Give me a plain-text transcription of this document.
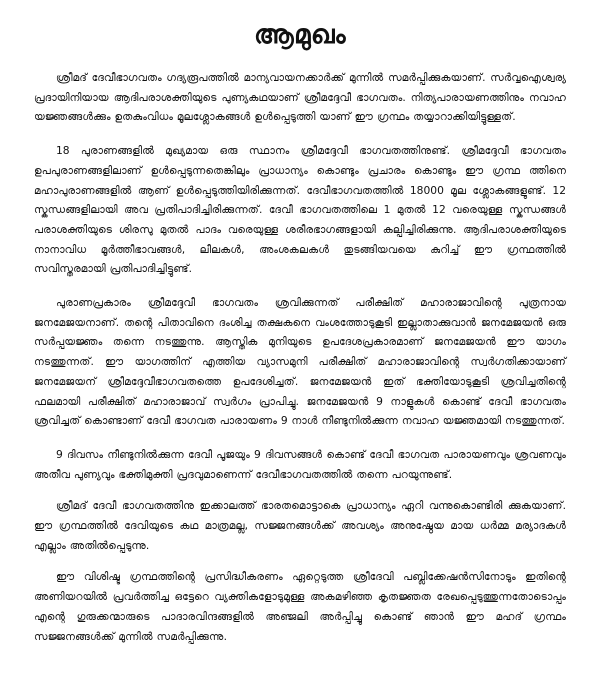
ആമുഖം

ശ്രീമദ് ദേവീഭാഗവതം ഗദ്യരൂപത്തിൽ മാന്യവായനക്കാർക്ക് മുന്നിൽ സമർപ്പിക്കുകയാണ്. സർവ്വഐശ്വര്യ പ്രദായിനിയായ ആദിപരാശക്തിയുടെ പുണ്യകഥയാണ് ശ്രീമദ്ദേവീ ഭാഗവതം. നിത്യപാരായണത്തിനും നവാഹ യജ്ഞങ്ങൾക്കും ഉതകുംവിധം മൂലശ്ലോകങ്ങൾ ഉൾപ്പെടുത്തി യാണ് ഈ ഗ്രന്ഥം തയ്യാറാക്കിയിട്ടുള്ളത്.

18 പുരാണങ്ങളിൽ മുഖ്യമായ ഒരു സ്ഥാനം ശ്രീമദ്ദേവീ ഭാഗവതത്തിനുണ്ട്. ശ്രീമദ്ദേവീ ഭാഗവതം ഉപപുരാണങ്ങളിലാണ് ഉൾപ്പെടുന്നതെങ്കിലും പ്രാധാന്യം കൊണ്ടും പ്രചാരം കൊണ്ടും ഈ ഗ്രന്ഥ ത്തിനെ മഹാപുരാണങ്ങളിൽ ആണ് ഉൾപ്പെടുത്തിയിരിക്കുന്നത്. ദേവീഭാഗവതത്തിൽ 18000 മൂല ശ്ലോകങ്ങളുണ്ട്. 12 സ്കന്ധങ്ങളിലായി അവ പ്രതിപാദിച്ചിരിക്കുന്നത്. ദേവീ ഭാഗവതത്തിലെ 1 മുതൽ 12 വരെയുള്ള സ്കന്ധങ്ങൾ പരാശക്തിയുടെ ശിരസു മുതൽ പാദം വരെയുള്ള ശരീരഭാഗങ്ങളായി കല്പിച്ചിരിക്കുന്നു. ആദിപരാശക്തിയുടെ നാനാവിധ മൂർത്തീഭാവങ്ങൾ, ലീലകൾ, അംശകലകൾ തുടങ്ങിയവയെ കുറിച്ച് ഈ ഗ്രന്ഥത്തിൽ സവിസ്തരമായി പ്രതിപാദിച്ചിട്ടുണ്ട്.

പുരാണപ്രകാരം ശ്രീമദ്ദേവീ ഭാഗവതം ശ്രവിക്കുന്നത് പരീക്ഷിത് മഹാരാജാവിന്റെ പുത്രനായ ജനമേജയനാണ്. തന്റെ പിതാവിനെ ദംശിച്ച തക്ഷകനെ വംശത്തോടുകൂടി ഇല്ലാതാക്കുവാൻ ജനമേജയൻ ഒരു സർപ്പയജ്ഞം തന്നെ നടത്തുന്നു. ആസ്തിക മുനിയുടെ ഉപദേശപ്രകാരമാണ് ജനമേജയൻ ഈ യാഗം നടത്തുന്നത്. ഈ യാഗത്തിന് എത്തിയ വ്യാസമുനി പരീക്ഷിത് മഹാരാജാവിന്റെ സ്വർഗതിക്കായാണ് ജനമേജയന് ശ്രീമദ്ദേവീഭാഗവതത്തെ ഉപദേശിച്ചത്. ജനമേജയൻ ഇത് ഭക്തിയോടുകൂടി ശ്രവിച്ചതിന്റെ ഫലമായി പരീക്ഷിത് മഹാരാജാവ് സ്വർഗം പ്രാപിച്ചു. ജനമേജയൻ 9 നാളുകൾ കൊണ്ട് ദേവീ ഭാഗവതം ശ്രവിച്ചത് കൊണ്ടാണ് ദേവീ ഭാഗവത പാരായണം 9 നാൾ നീണ്ടുനിൽക്കുന്ന നവാഹ യജ്ഞമായി നടത്തുന്നത്.

9 ദിവസം നീണ്ടുനിൽക്കുന്ന ദേവീ പൂജയും 9 ദിവസങ്ങൾ കൊണ്ട് ദേവീ ഭാഗവത പാരായണവും ശ്രവണവും അതീവ പുണ്യവും ഭക്തിമുക്തി പ്രദവുമാണെന്ന് ദേവീഭാഗവതത്തിൽ തന്നെ പറയുന്നുണ്ട്.

ശ്രീമദ് ദേവീ ഭാഗവതത്തിനു ഇക്കാലത്ത് ഭാരതമൊട്ടാകെ പ്രാധാന്യം ഏറി വന്നുകൊണ്ടിരി ക്കുകയാണ്. ഈ ഗ്രന്ഥത്തിൽ ദേവിയുടെ കഥ മാത്രമല്ല, സജ്ജനങ്ങൾക്ക് അവശ്യം അനുഷ്ഠേയ മായ ധർമ്മ മര്യാദകൾ എല്ലാം അതിൽപ്പെടുന്നു.

ഈ വിശിഷ്ട ഗ്രന്ഥത്തിന്റെ പ്രസിദ്ധീകരണം ഏറ്റെടുത്ത ശ്രീദേവി പബ്ലിക്കേഷൻസിനോടും ഇതിന്റെ അണിയറയിൽ പ്രവർത്തിച്ച ഒട്ടേറെ വ്യക്തികളോടുമുള്ള അകമഴിഞ്ഞ കൃതജ്ഞത രേഖപ്പെടുത്തുന്നതോടൊപ്പം എന്റെ ഗുരുക്കന്മാരുടെ പാദാരവിന്ദങ്ങളിൽ അഞ്ജലി അർപ്പിച്ചു കൊണ്ട് ഞാൻ ഈ മഹദ് ഗ്രന്ഥം സജ്ജനങ്ങൾക്ക് മുന്നിൽ സമർപ്പിക്കുന്നു.
